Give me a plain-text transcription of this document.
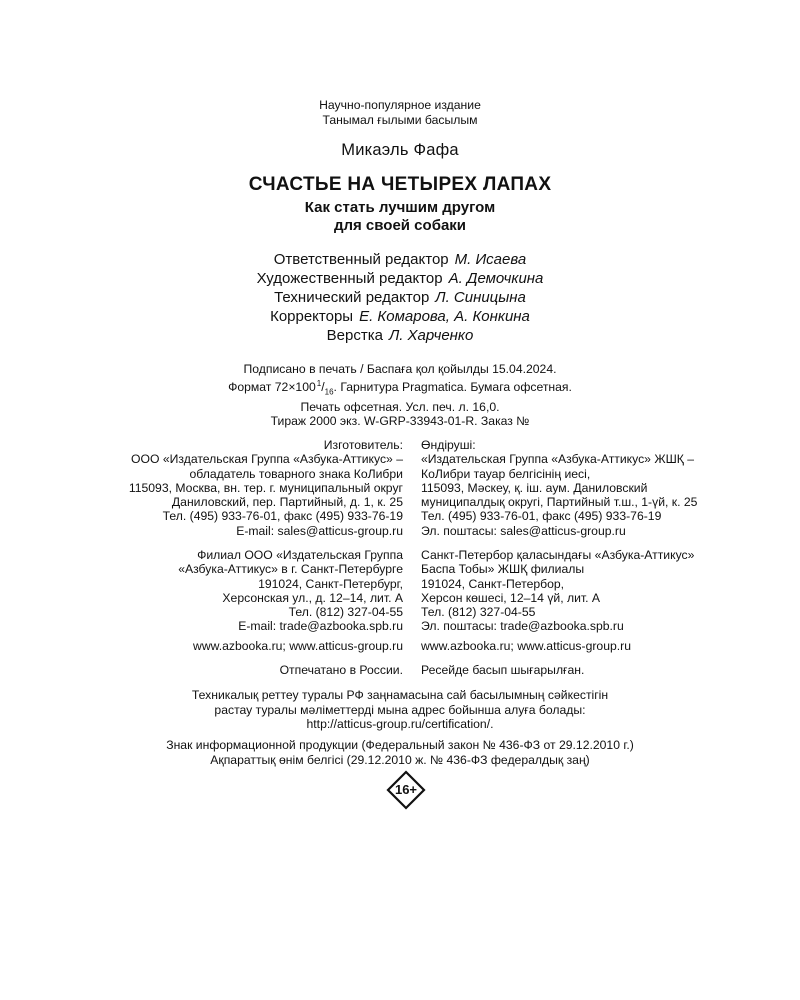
Научно-популярное издание
Танымал ғылыми басылым
Микаэль Фафа
СЧАСТЬЕ НА ЧЕТЫРЕХ ЛАПАХ
Как стать лучшим другом
для своей собаки
Ответственный редактор М. Исаева
Художественный редактор А. Демочкина
Технический редактор Л. Синицына
Корректоры Е. Комарова, А. Конкина
Верстка Л. Харченко
Подписано в печать / Баспаға қол қойылды 15.04.2024.
Формат 72×100 $^1/_{16}$. Гарнитура Pragmatica. Бумага офсетная.
Печать офсетная. Усл. печ. л. 16,0.
Тираж 2000 экз. W-GRP-33943-01-R. Заказ №
Изготовитель:
ООО «Издательская Группа «Азбука-Аттикус» –
обладатель товарного знака КоЛибри
115093, Москва, вн. тер. г. муниципальный округ
Даниловский, пер. Партийный, д. 1, к. 25
Тел. (495) 933-76-01, факс (495) 933-76-19
E-mail: sales@atticus-group.ru
Өндіруші:
«Издательская Группа «Азбука-Аттикус» ЖШҚ –
КоЛибри тауар белгісінің иесі,
115093, Мәскеу, қ. іш. аум. Даниловский
муниципалдық округі, Партийный т.ш., 1-үй, к. 25
Тел. (495) 933-76-01, факс (495) 933-76-19
Эл. поштасы: sales@atticus-group.ru
Филиал ООО «Издательская Группа
«Азбука-Аттикус» в г. Санкт-Петербурге
191024, Санкт-Петербург,
Херсонская ул., д. 12–14, лит. А
Тел. (812) 327-04-55
E-mail: trade@azbooka.spb.ru
Санкт-Петербор қаласындағы «Азбука-Аттикус»
Баспа Тобы» ЖШҚ филиалы
191024, Санкт-Петербор,
Херсон көшесі, 12–14 үй, лит. А
Тел. (812) 327-04-55
Эл. поштасы: trade@azbooka.spb.ru
www.azbooka.ru; www.atticus-group.ru www.azbooka.ru; www.atticus-group.ru
Отпечатано в России. Ресейде басып шығарылған.
Техникалық реттеу туралы РФ заңнамасына сай басылымның сәйкестігін
растау туралы мәліметтерді мына адрес бойынша алуға болады:
http://atticus-group.ru/certification/.
Знак информационной продукции (Федеральный закон № 436-ФЗ от 29.12.2010 г.)
Ақпараттық өнім белгісі (29.12.2010 ж. № 436-ФЗ федералдық заң)
16+
